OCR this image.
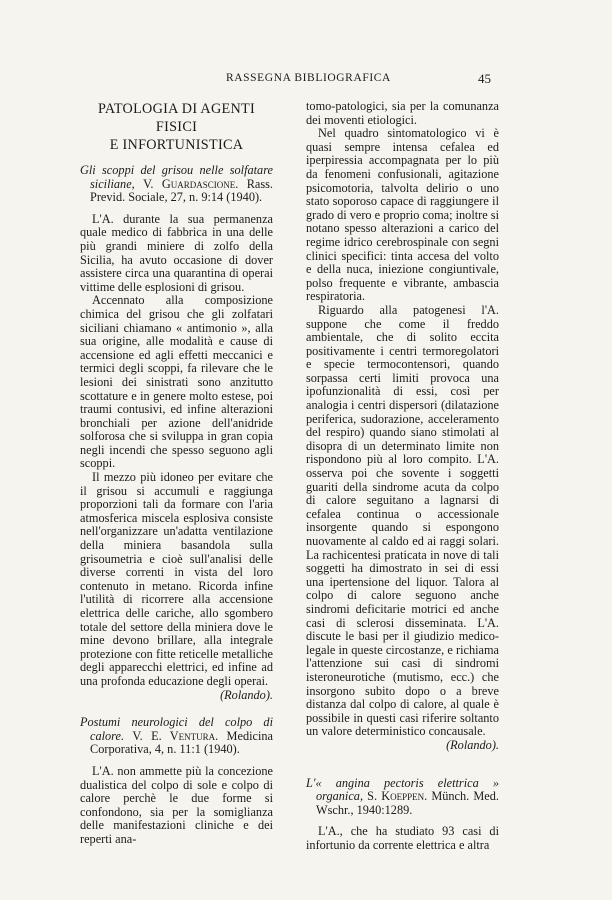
RASSEGNA BIBLIOGRAFICA	45
PATOLOGIA DI AGENTI FISICI
E INFORTUNISTICA
Gli scoppi del grisou nelle solfatare siciliane, V. Guardascione. Rass. Previd. Sociale, 27, n. 9:14 (1940).

L'A. durante la sua permanenza quale medico di fabbrica in una delle più grandi miniere di zolfo della Sicilia, ha avuto occasione di dover assistere circa una quarantina di operai vittime delle esplosioni di grisou.

Accennato alla composizione chimica del grisou che gli zolfatari siciliani chiamano « antimonio », alla sua origine, alle modalità e cause di accensione ed agli effetti meccanici e termici degli scoppi, fa rilevare che le lesioni dei sinistrati sono anzitutto scottature e in genere molto estese, poi traumi contusivi, ed infine alterazioni bronchiali per azione dell'anidride solforosa che si sviluppa in gran copia negli incendi che spesso seguono agli scoppi.

Il mezzo più idoneo per evitare che il grisou si accumuli e raggiunga proporzioni tali da formare con l'aria atmosferica miscela esplosiva consiste nell'organizzare un'adatta ventilazione della miniera basandola sulla grisoumetria e cioè sull'analisi delle diverse correnti in vista del loro contenuto in metano. Ricorda infine l'utilità di ricorrere alla accensione elettrica delle cariche, allo sgombero totale del settore della miniera dove le mine devono brillare, alla integrale protezione con fitte reticelle metalliche degli apparecchi elettrici, ed infine ad una profonda educazione degli operai.
(Rolando).

Postumi neurologici del colpo di calore. V. E. Ventura. Medicina Corporativa, 4, n. 11:1 (1940).

L'A. non ammette più la concezione dualistica del colpo di sole e colpo di calore perchè le due forme si confondono, sia per la somiglianza delle manifestazioni cliniche e dei reperti ana-

tomo-patologici, sia per la comunanza dei moventi etiologici.

Nel quadro sintomatologico vi è quasi sempre intensa cefalea ed iperpiressia accompagnata per lo più da fenomeni confusionali, agitazione psicomotoria, talvolta delirio o uno stato soporoso capace di raggiungere il grado di vero e proprio coma; inoltre si notano spesso alterazioni a carico del regime idrico cerebrospinale con segni clinici specifici: tinta accesa del volto e della nuca, iniezione congiuntivale, polso frequente e vibrante, ambascia respiratoria.

Riguardo alla patogenesi l'A. suppone che come il freddo ambientale, che di solito eccita positivamente i centri termoregolatori e specie termocontensori, quando sorpassa certi limiti provoca una ipofunzionalità di essi, così per analogia i centri dispersori (dilatazione periferica, sudorazione, acceleramento del respiro) quando siano stimolati al disopra di un determinato limite non rispondono più al loro compito. L'A. osserva poi che sovente i soggetti guariti della sindrome acuta da colpo di calore seguitano a lagnarsi di cefalea continua o accessionale insorgente quando si espongono nuovamente al caldo ed ai raggi solari. La rachicentesi praticata in nove di tali soggetti ha dimostrato in sei di essi una ipertensione del liquor. Talora al colpo di calore seguono anche sindromi deficitarie motrici ed anche casi di sclerosi disseminata. L'A. discute le basi per il giudizio medico-legale in queste circostanze, e richiama l'attenzione sui casi di sindromi isteroneurotiche (mutismo, ecc.) che insorgono subito dopo o a breve distanza dal colpo di calore, al quale è possibile in questi casi riferire soltanto un valore deterministico concausale.
(Rolando).

L'« angina pectoris elettrica » organica, S. Koeppen. Münch. Med. Wschr., 1940:1289.

L'A., che ha studiato 93 casi di infortunio da corrente elettrica e altra
